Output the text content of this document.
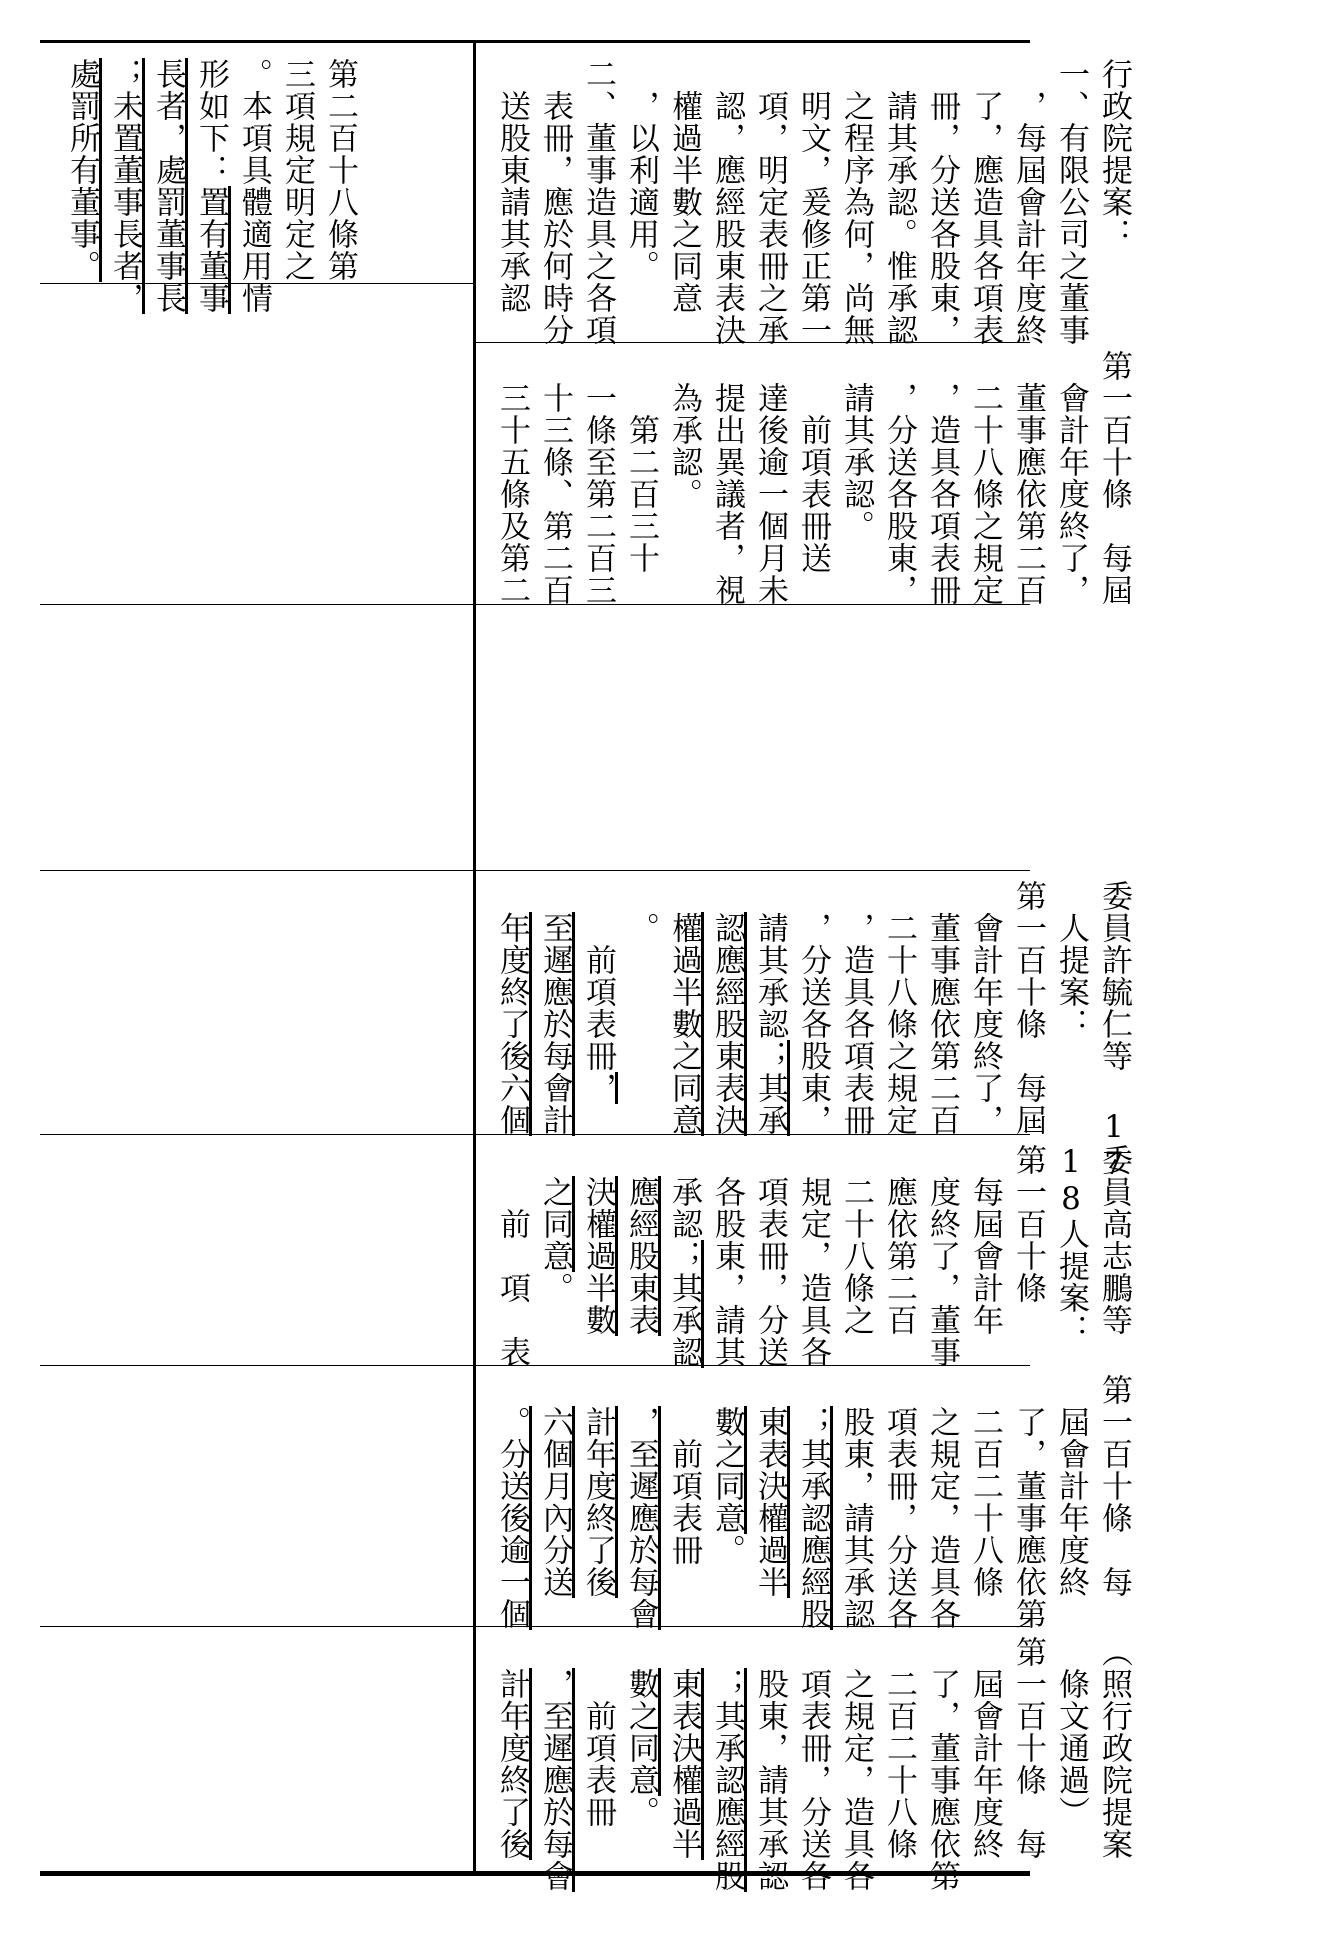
第二百十八條第
三項規定明定之
。本項具體適用情
形如下：置有董事
長者，處罰董事長
；未置董事長者，
處罰所有董事。	行政院提案：
一、有限公司之董事
　，每屆會計年度終
　了，應造具各項表
　冊，分送各股東，
　請其承認。惟承認
　之程序為何，尚無
　明文，爰修正第一
　項，明定表冊之承
　認，應經股東表決
　權過半數之同意
　，以利適用。
二、董事造具之各項
　表冊，應於何時分
　送股東請其承認
第一百十條　每屆
　會計年度終了，
　董事應依第二百
　二十八條之規定
　，造具各項表冊
　，分送各股東，
　請其承認。
　　前項表冊送
　達後逾一個月未
　提出異議者，視
　為承認。
　　第二百三十
　一條至第二百三
　十三條、第二百
　三十五條及第二
委員許毓仁等 17
　人提案：
第一百十條　每屆
　會計年度終了，
　董事應依第二百
　二十八條之規定
　，造具各項表冊
　，分送各股東，
　請其承認；其承
　認應經股東表決
　權過半數之同意
　。
　　前項表冊，
　至遲應於每會計
　年度終了後六個
委員高志鵬等
18人提案：
第一百十條
　每屆會計年
　度終了，董事
　應依第二百
　二十八條之
　規定，造具各
　項表冊，分送
　各股東，請其
　承認；其承認
　應經股東表
　決權過半數
　之同意。
　　前　項　表
第一百十條　每
　屆會計年度終
　了，董事應依第
　二百二十八條
　之規定，造具各
　項表冊，分送各
　股東，請其承認
　；其承認應經股
　東表決權過半
　數之同意。
　　前項表冊
　，至遲應於每會
　計年度終了後
　六個月內分送
　。分送後逾一個
（照行政院提案
　條文通過）
第一百十條　每
　屆會計年度終
　了，董事應依第
　二百二十八條
　之規定，造具各
　項表冊，分送各
　股東，請其承認
　；其承認應經股
　東表決權過半
　數之同意。
　　前項表冊
　，至遲應於每會
　計年度終了後
